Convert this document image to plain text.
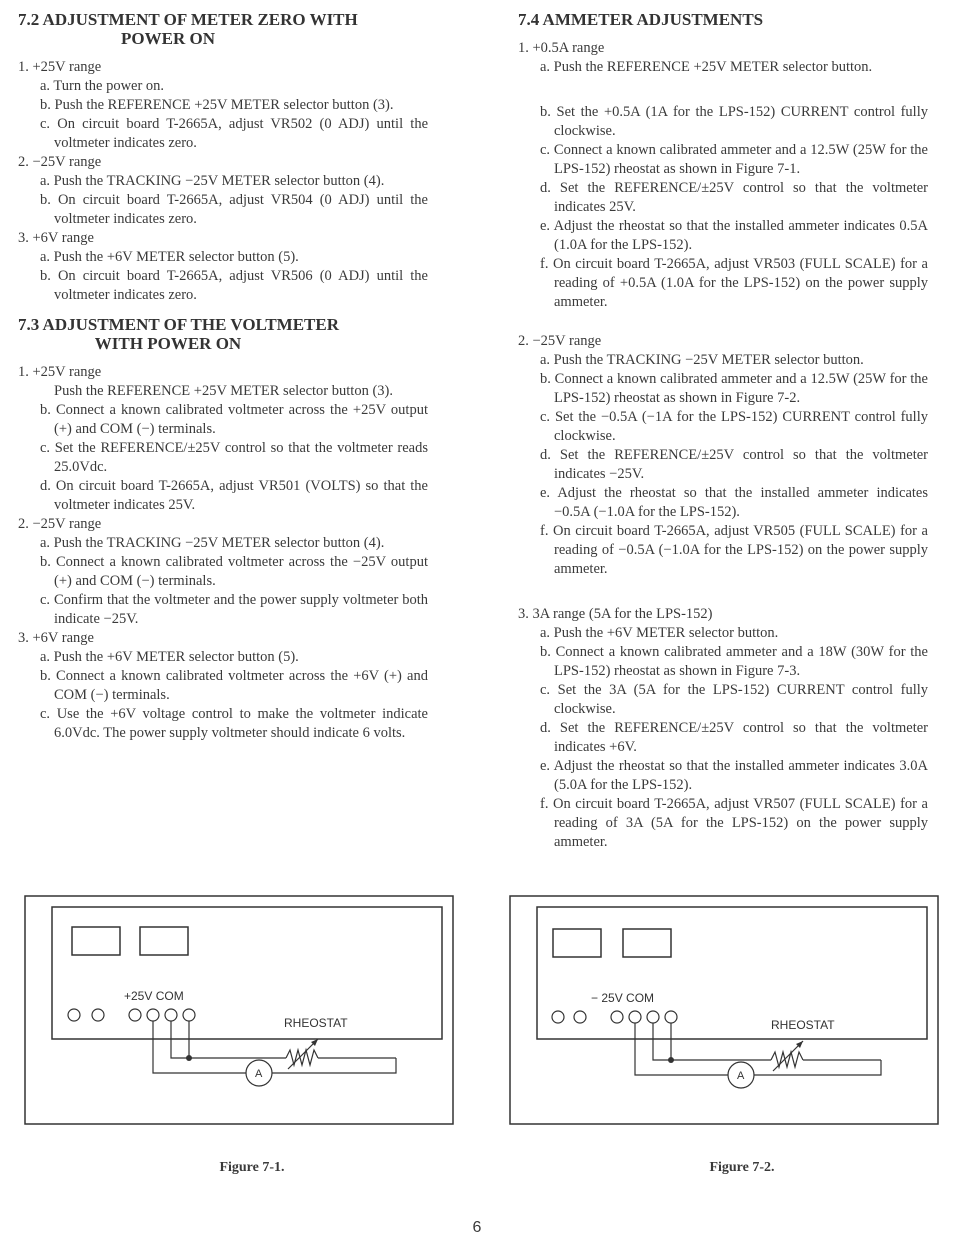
7.2 ADJUSTMENT OF METER ZERO WITH
POWER ON

1. +25V range

a. Turn the power on.

b. Push the REFERENCE +25V METER selector button (3).

c. On circuit board T-2665A, adjust VR502 (0 ADJ) until the voltmeter indicates zero.

2. −25V range

a. Push the TRACKING −25V METER selector button (4).

b. On circuit board T-2665A, adjust VR504 (0 ADJ) until the voltmeter indicates zero.

3. +6V range

a. Push the +6V METER selector button (5).

b. On circuit board T-2665A, adjust VR506 (0 ADJ) until the voltmeter indicates zero.

7.3 ADJUSTMENT OF THE VOLTMETER
WITH POWER ON

1. +25V range

Push the REFERENCE +25V METER selector button (3).

b. Connect a known calibrated voltmeter across the +25V output (+) and COM (−) terminals.

c. Set the REFERENCE/±25V control so that the voltmeter reads 25.0Vdc.

d. On circuit board T-2665A, adjust VR501 (VOLTS) so that the voltmeter indicates 25V.

2. −25V range

a. Push the TRACKING −25V METER selector button (4).

b. Connect a known calibrated voltmeter across the −25V output (+) and COM (−) terminals.

c. Confirm that the voltmeter and the power supply voltmeter both indicate −25V.

3. +6V range

a. Push the +6V METER selector button (5).

b. Connect a known calibrated voltmeter across the +6V (+) and COM (−) terminals.

c. Use the +6V voltage control to make the voltmeter indicate 6.0Vdc. The power supply voltmeter should indicate 6 volts.

7.4 AMMETER ADJUSTMENTS

1. +0.5A range

a. Push the REFERENCE +25V METER selector button.

b. Set the +0.5A (1A for the LPS-152) CURRENT control fully clockwise.

c. Connect a known calibrated ammeter and a 12.5W (25W for the LPS-152) rheostat as shown in Figure 7-1.

d. Set the REFERENCE/±25V control so that the voltmeter indicates 25V.

e. Adjust the rheostat so that the installed ammeter indicates 0.5A (1.0A for the LPS-152).

f. On circuit board T-2665A, adjust VR503 (FULL SCALE) for a reading of +0.5A (1.0A for the LPS-152) on the power supply ammeter.

2. −25V range

a. Push the TRACKING −25V METER selector button.

b. Connect a known calibrated ammeter and a 12.5W (25W for the LPS-152) rheostat as shown in Figure 7-2.

c. Set the −0.5A (−1A for the LPS-152) CURRENT control fully clockwise.

d. Set the REFERENCE/±25V control so that the voltmeter indicates −25V.

e. Adjust the rheostat so that the installed ammeter indicates −0.5A (−1.0A for the LPS-152).

f. On circuit board T-2665A, adjust VR505 (FULL SCALE) for a reading of −0.5A (−1.0A for the LPS-152) on the power supply ammeter.

3. 3A range (5A for the LPS-152)

a. Push the +6V METER selector button.

b. Connect a known calibrated ammeter and a 18W (30W for the LPS-152) rheostat as shown in Figure 7-3.

c. Set the 3A (5A for the LPS-152) CURRENT control fully clockwise.

d. Set the REFERENCE/±25V control so that the voltmeter indicates +6V.

e. Adjust the rheostat so that the installed ammeter indicates 3.0A (5.0A for the LPS-152).

f. On circuit board T-2665A, adjust VR507 (FULL SCALE) for a reading of 3A (5A for the LPS-152) on the power supply ammeter.

+25V COM
RHEOSTAT
A
Figure 7-1.
− 25V COM
RHEOSTAT
A
Figure 7-2.
6
